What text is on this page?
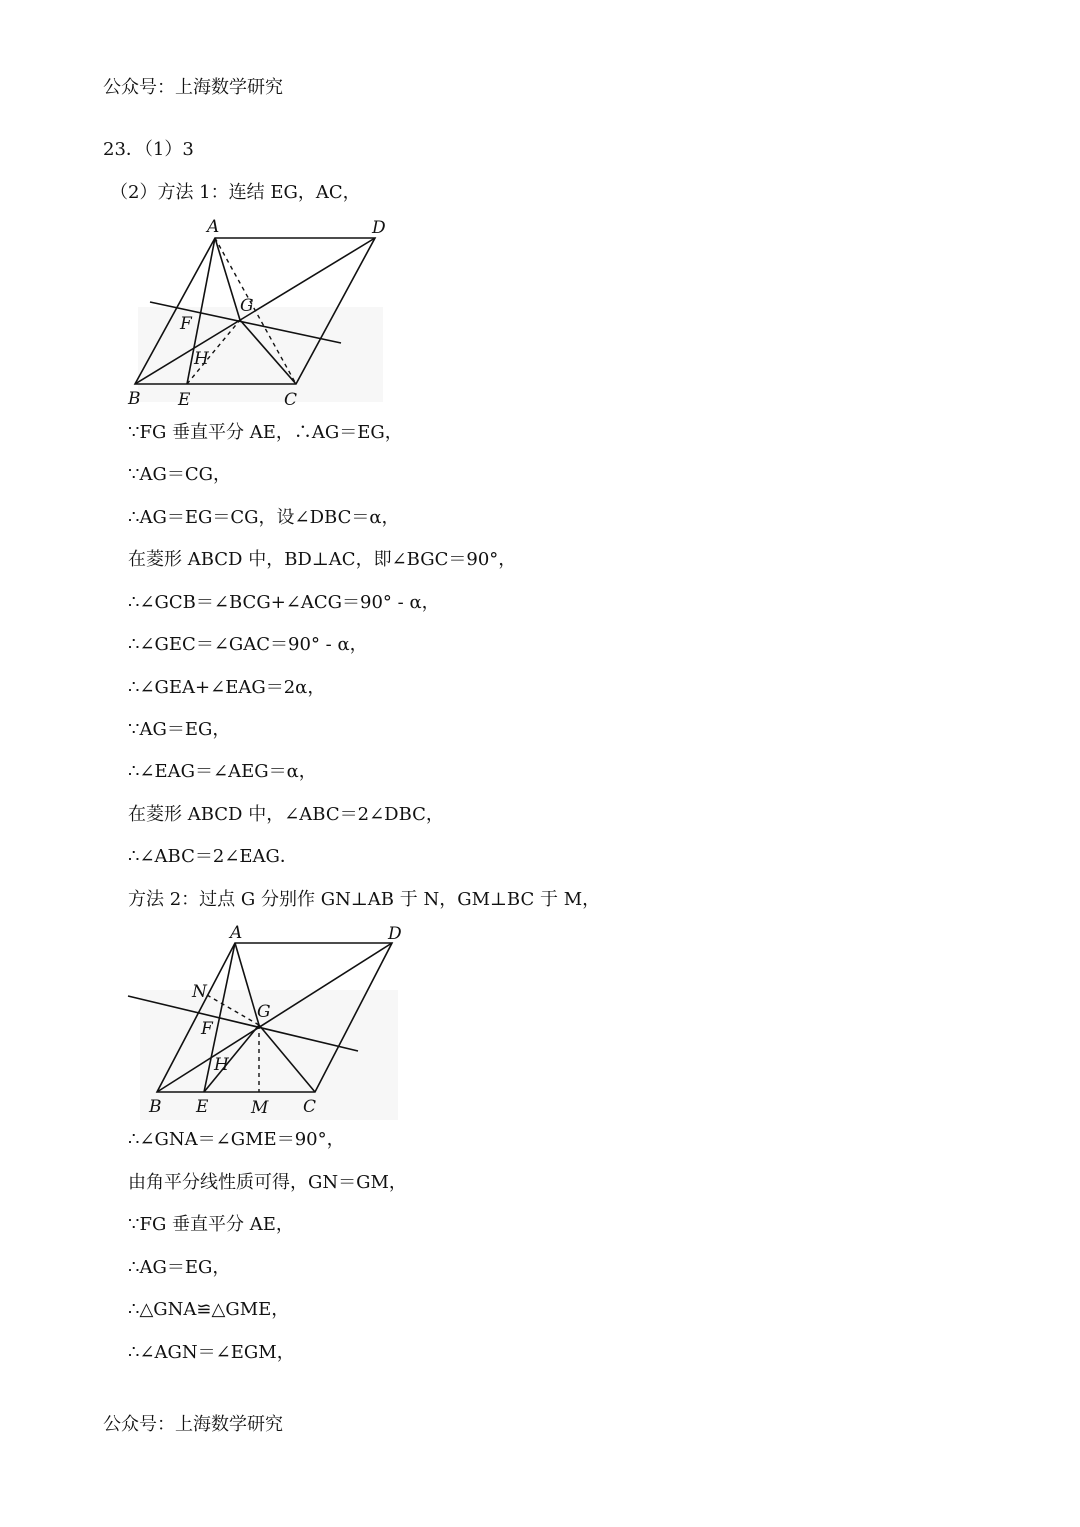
公众号：上海数学研究
23．（1）3
（2）方法 1：连结 EG，AC，
A	D
G
F
H
B E	C
∵FG 垂直平分 AE，∴AG＝EG，
∵AG＝CG，
∴AG＝EG＝CG，设∠DBC＝α，
在菱形 ABCD 中，BD⊥AC，即∠BGC＝90°，
∴∠GCB＝∠BCG+∠ACG＝90° - α，
∴∠GEC＝∠GAC＝90° - α，
∴∠GEA+∠EAG＝2α，
∵AG＝EG，
∴∠EAG＝∠AEG＝α，
在菱形 ABCD 中，∠ABC＝2∠DBC，
∴∠ABC＝2∠EAG．
方法 2：过点 G 分别作 GN⊥AB 于 N，GM⊥BC 于 M，
A	D
N
G
F
H
B E	M C
∴∠GNA＝∠GME＝90°，
由角平分线性质可得，GN＝GM，
∵FG 垂直平分 AE，
∴AG＝EG，
∴△GNA≌△GME，
∴∠AGN＝∠EGM，
公众号：上海数学研究
